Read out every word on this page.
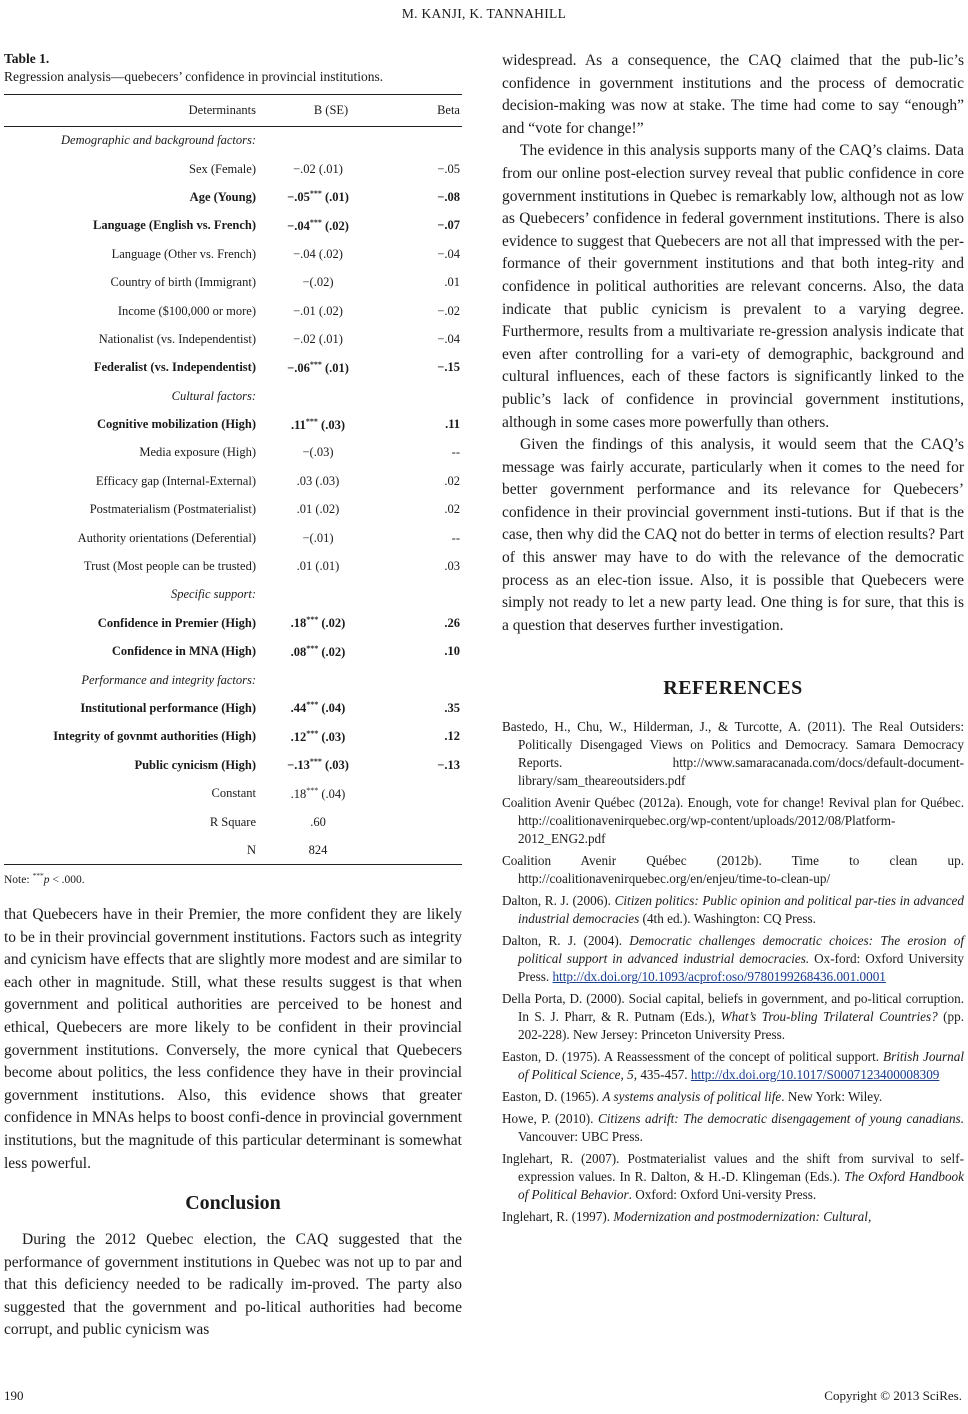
M. KANJI, K. TANNAHILL
Table 1.
Regression analysis—quebecers’ confidence in provincial institutions.
Determinants	B (SE)	Beta
Demographic and background factors:		
Sex (Female)	−.02 (.01)	−.05
Age (Young)	−.05*** (.01)	−.08
Language (English vs. French)	−.04*** (.02)	−.07
Language (Other vs. French)	−.04 (.02)	−.04
Country of birth (Immigrant)	−(.02)	.01
Income ($100,000 or more)	−.01 (.02)	−.02
Nationalist (vs. Independentist)	−.02 (.01)	−.04
Federalist (vs. Independentist)	−.06*** (.01)	−.15
Cultural factors:		
Cognitive mobilization (High)	.11*** (.03)	.11
Media exposure (High)	−(.03)	--
Efficacy gap (Internal-External)	.03 (.03)	.02
Postmaterialism (Postmaterialist)	.01 (.02)	.02
Authority orientations (Deferential)	−(.01)	--
Trust (Most people can be trusted)	.01 (.01)	.03
Specific support:		
Confidence in Premier (High)	.18*** (.02)	.26
Confidence in MNA (High)	.08*** (.02)	.10
Performance and integrity factors:		
Institutional performance (High)	.44*** (.04)	.35
Integrity of govnmt authorities (High)	.12*** (.03)	.12
Public cynicism (High)	−.13*** (.03)	−.13
Constant	.18*** (.04)	
R Square	.60	
N	824	
Note: ***p < .000.

that Quebecers have in their Premier, the more confident they are likely to be in their provincial government institutions. Factors such as integrity and cynicism have effects that are slightly more modest and are similar to each other in magnitude. Still, what these results suggest is that when government and political authorities are perceived to be honest and ethical, Quebecers are more likely to be confident in their provincial government institutions. Conversely, the more cynical that Quebecers become about politics, the less confidence they have in their provincial government institutions. Also, this evidence shows that greater confidence in MNAs helps to boost confi-dence in provincial government institutions, but the magnitude of this particular determinant is somewhat less powerful.

Conclusion

During the 2012 Quebec election, the CAQ suggested that the performance of government institutions in Quebec was not up to par and that this deficiency needed to be radically im-proved. The party also suggested that the government and po-litical authorities had become corrupt, and public cynicism was

widespread. As a consequence, the CAQ claimed that the pub-lic’s confidence in government institutions and the process of democratic decision-making was now at stake. The time had come to say “enough” and “vote for change!”

The evidence in this analysis supports many of the CAQ’s claims. Data from our online post-election survey reveal that public confidence in core government institutions in Quebec is remarkably low, although not as low as Quebecers’ confidence in federal government institutions. There is also evidence to suggest that Quebecers are not all that impressed with the per-formance of their government institutions and that both integ-rity and confidence in political authorities are relevant concerns. Also, the data indicate that public cynicism is prevalent to a varying degree. Furthermore, results from a multivariate re-gression analysis indicate that even after controlling for a vari-ety of demographic, background and cultural influences, each of these factors is significantly linked to the public’s lack of confidence in provincial government institutions, although in some cases more powerfully than others.

Given the findings of this analysis, it would seem that the CAQ’s message was fairly accurate, particularly when it comes to the need for better government performance and its relevance for Quebecers’ confidence in their provincial government insti-tutions. But if that is the case, then why did the CAQ not do better in terms of election results? Part of this answer may have to do with the relevance of the democratic process as an elec-tion issue. Also, it is possible that Quebecers were simply not ready to let a new party lead. One thing is for sure, that this is a question that deserves further investigation.

REFERENCES
Bastedo, H., Chu, W., Hilderman, J., & Turcotte, A. (2011). The Real Outsiders: Politically Disengaged Views on Politics and Democracy. Samara Democracy Reports. http://www.samaracanada.com/docs/default-document-library/sam_theareoutsiders.pdf
Coalition Avenir Québec (2012a). Enough, vote for change! Revival plan for Québec. http://coalitionavenirquebec.org/wp-content/uploads/2012/08/Platform-2012_ENG2.pdf
Coalition Avenir Québec (2012b). Time to clean up. http://coalitionavenirquebec.org/en/enjeu/time-to-clean-up/
Dalton, R. J. (2006). Citizen politics: Public opinion and political par-ties in advanced industrial democracies (4th ed.). Washington: CQ Press.
Dalton, R. J. (2004). Democratic challenges democratic choices: The erosion of political support in advanced industrial democracies. Ox-ford: Oxford University Press. http://dx.doi.org/10.1093/acprof:oso/9780199268436.001.0001
Della Porta, D. (2000). Social capital, beliefs in government, and po-litical corruption. In S. J. Pharr, & R. Putnam (Eds.), What’s Trou-bling Trilateral Countries? (pp. 202-228). New Jersey: Princeton University Press.
Easton, D. (1975). A Reassessment of the concept of political support. British Journal of Political Science, 5, 435-457. http://dx.doi.org/10.1017/S0007123400008309
Easton, D. (1965). A systems analysis of political life. New York: Wiley.
Howe, P. (2010). Citizens adrift: The democratic disengagement of young canadians. Vancouver: UBC Press.
Inglehart, R. (2007). Postmaterialist values and the shift from survival to self-expression values. In R. Dalton, & H.-D. Klingeman (Eds.). The Oxford Handbook of Political Behavior. Oxford: Oxford Uni-versity Press.
Inglehart, R. (1997). Modernization and postmodernization: Cultural,
190	Copyright © 2013 SciRes.
